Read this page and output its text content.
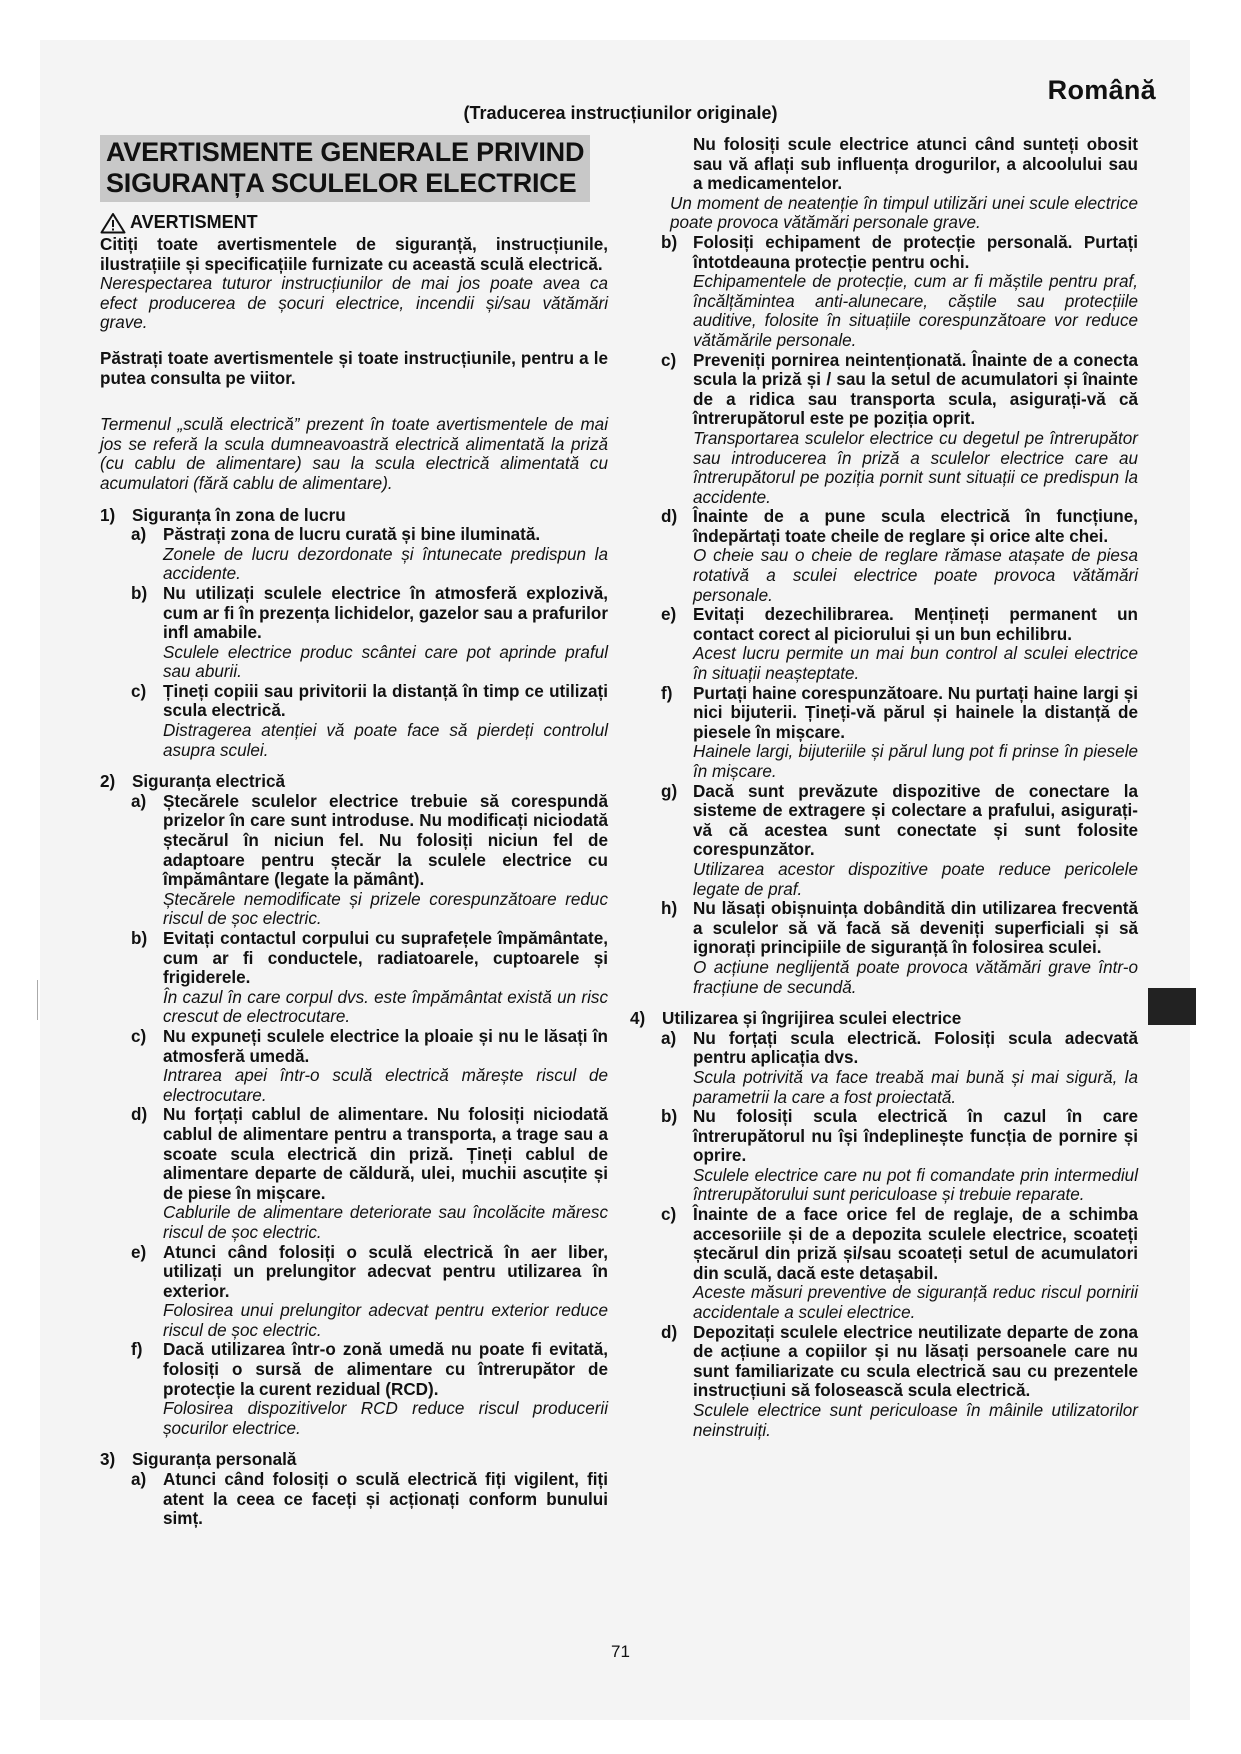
Română
(Traducerea instrucțiunilor originale)
AVERTISMENTE GENERALE PRIVIND
SIGURANȚA SCULELOR ELECTRICE
AVERTISMENT

Citiți toate avertismentele de siguranță, instrucțiunile, ilustrațiile și specificațiile furnizate cu această sculă electrică.

Nerespectarea tuturor instrucțiunilor de mai jos poate avea ca efect producerea de șocuri electrice, incendii și/sau vătămări grave.

Păstrați toate avertismentele și toate instrucțiunile, pentru a le putea consulta pe viitor.

Termenul „sculă electrică” prezent în toate avertismentele de mai jos se referă la scula dumneavoastră electrică alimentată la priză (cu cablu de alimentare) sau la scula electrică alimentată cu acumulatori (fără cablu de alimentare).

1) Siguranța în zona de lucru
a) Păstrați zona de lucru curată și bine iluminată.

Zonele de lucru dezordonate și întunecate predispun la accidente.

b) Nu utilizați sculele electrice în atmosferă explozivă, cum ar fi în prezența lichidelor, gazelor sau a prafurilor infl amabile.

Sculele electrice produc scântei care pot aprinde praful sau aburii.

c) Țineți copiii sau privitorii la distanță în timp ce utilizați scula electrică.

Distragerea atenției vă poate face să pierdeți controlul asupra sculei.

2) Siguranța electrică
a) Ștecărele sculelor electrice trebuie să corespundă prizelor în care sunt introduse. Nu modificați niciodată ștecărul în niciun fel. Nu folosiți niciun fel de adaptoare pentru ștecăr la sculele electrice cu împământare (legate la pământ).

Ștecărele nemodificate și prizele corespunzătoare reduc riscul de șoc electric.

b) Evitați contactul corpului cu suprafețele împământate, cum ar fi conductele, radiatoarele, cuptoarele și frigiderele.

În cazul în care corpul dvs. este împământat există un risc crescut de electrocutare.

c) Nu expuneți sculele electrice la ploaie și nu le lăsați în atmosferă umedă.

Intrarea apei într-o sculă electrică mărește riscul de electrocutare.

d) Nu forțați cablul de alimentare. Nu folosiți niciodată cablul de alimentare pentru a transporta, a trage sau a scoate scula electrică din priză. Țineți cablul de alimentare departe de căldură, ulei, muchii ascuțite și de piese în mișcare.

Cablurile de alimentare deteriorate sau încolăcite măresc riscul de șoc electric.

e) Atunci când folosiți o sculă electrică în aer liber, utilizați un prelungitor adecvat pentru utilizarea în exterior.

Folosirea unui prelungitor adecvat pentru exterior reduce riscul de șoc electric.

f)	Dacă utilizarea într-o zonă umedă nu poate fi evitată, folosiți o sursă de alimentare cu întrerupător de protecție la curent rezidual (RCD).

Folosirea dispozitivelor RCD reduce riscul producerii șocurilor electrice.

3) Siguranța personală
a) Atunci când folosiți o sculă electrică fiți vigilent, fiți atent la ceea ce faceți și acționați conform bunului simț.

Nu folosiți scule electrice atunci când sunteți obosit sau vă aflați sub influența drogurilor, a alcoolului sau a medicamentelor.

Un moment de neatenție în timpul utilizări unei scule electrice poate provoca vătămări personale grave.

b) Folosiți echipament de protecție personală. Purtați întotdeauna protecție pentru ochi.

Echipamentele de protecție, cum ar fi măștile pentru praf, încălțămintea anti-alunecare, căștile sau protecțiile auditive, folosite în situațiile corespunzătoare vor reduce vătămările personale.

c) Preveniți pornirea neintenționată. Înainte de a conecta scula la priză și / sau la setul de acumulatori și înainte de a ridica sau transporta scula, asigurați-vă că întrerupătorul este pe poziția oprit.

Transportarea sculelor electrice cu degetul pe întrerupător sau introducerea în priză a sculelor electrice care au întrerupătorul pe poziția pornit sunt situații ce predispun la accidente.

d) Înainte de a pune scula electrică în funcțiune, îndepărtați toate cheile de reglare și orice alte chei.

O cheie sau o cheie de reglare rămase atașate de piesa rotativă a sculei electrice poate provoca vătămări personale.

e) Evitați dezechilibrarea. Mențineți permanent un contact corect al piciorului și un bun echilibru.

Acest lucru permite un mai bun control al sculei electrice în situații neașteptate.

f)	Purtați haine corespunzătoare. Nu purtați haine largi și nici bijuterii. Țineți-vă părul și hainele la distanță de piesele în mișcare.

Hainele largi, bijuteriile și părul lung pot fi prinse în piesele în mișcare.

g) Dacă sunt prevăzute dispozitive de conectare la sisteme de extragere și colectare a prafului, asigurați-vă că acestea sunt conectate și sunt folosite corespunzător.

Utilizarea acestor dispozitive poate reduce pericolele legate de praf.

h) Nu lăsați obișnuința dobândită din utilizarea frecventă a sculelor să vă facă să deveniți superficiali și să ignorați principiile de siguranță în folosirea sculei.

O acțiune neglijentă poate provoca vătămări grave într-o fracțiune de secundă.

4) Utilizarea și îngrijirea sculei electrice
a) Nu forțați scula electrică. Folosiți scula adecvată pentru aplicația dvs.

Scula potrivită va face treabă mai bună și mai sigură, la parametrii la care a fost proiectată.

b) Nu folosiți scula electrică în cazul în care întrerupătorul nu își îndeplinește funcția de pornire și oprire.

Sculele electrice care nu pot fi comandate prin intermediul întrerupătorului sunt periculoase și trebuie reparate.

c) Înainte de a face orice fel de reglaje, de a schimba accesoriile și de a depozita sculele electrice, scoateți ștecărul din priză și/sau scoateți setul de acumulatori din sculă, dacă este detașabil.

Aceste măsuri preventive de siguranță reduc riscul pornirii accidentale a sculei electrice.

d) Depozitați sculele electrice neutilizate departe de zona de acțiune a copiilor și nu lăsați persoanele care nu sunt familiarizate cu scula electrică sau cu prezentele instrucțiuni să folosească scula electrică.

Sculele electrice sunt periculoase în mâinile utilizatorilor neinstruiți.

71
